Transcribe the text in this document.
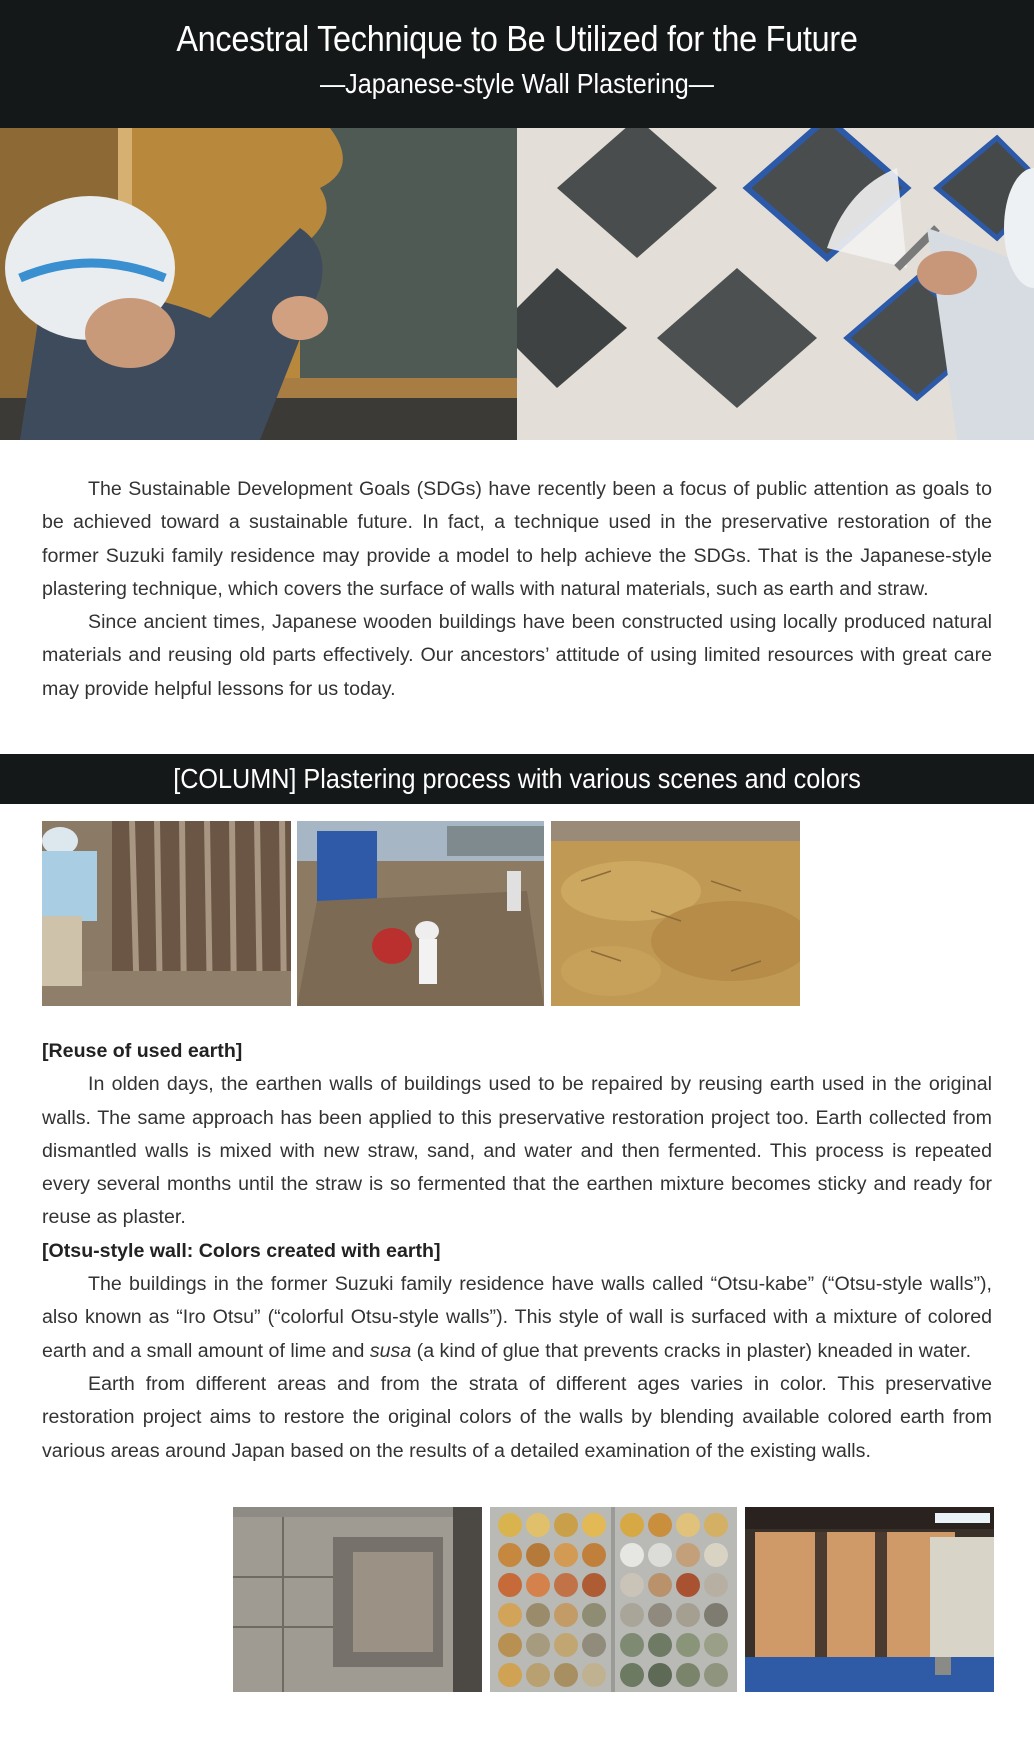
Ancestral Technique to Be Utilized for the Future
—Japanese-style Wall Plastering—

The Sustainable Development Goals (SDGs) have recently been a focus of public attention as goals to be achieved toward a sustainable future. In fact, a technique used in the preservative restoration of the former Suzuki family residence may provide a model to help achieve the SDGs. That is the Japanese-style plastering technique, which covers the surface of walls with natural materials, such as earth and straw.

Since ancient times, Japanese wooden buildings have been constructed using locally produced natural materials and reusing old parts effectively. Our ancestors’ attitude of using limited resources with great care may provide helpful lessons for us today.

[COLUMN] Plastering process with various scenes and colors
[Reuse of used earth]

In olden days, the earthen walls of buildings used to be repaired by reusing earth used in the original walls. The same approach has been applied to this preservative restoration project too. Earth collected from dismantled walls is mixed with new straw, sand, and water and then fermented. This process is repeated every several months until the straw is so fermented that the earthen mixture becomes sticky and ready for reuse as plaster.

[Otsu-style wall: Colors created with earth]

The buildings in the former Suzuki family residence have walls called “Otsu-kabe” (“Otsu-style walls”), also known as “Iro Otsu” (“colorful Otsu-style walls”). This style of wall is surfaced with a mixture of colored earth and a small amount of lime and susa (a kind of glue that prevents cracks in plaster) kneaded in water.

Earth from different areas and from the strata of different ages varies in color. This preservative restoration project aims to restore the original colors of the walls by blending available colored earth from various areas around Japan based on the results of a detailed examination of the existing walls.
